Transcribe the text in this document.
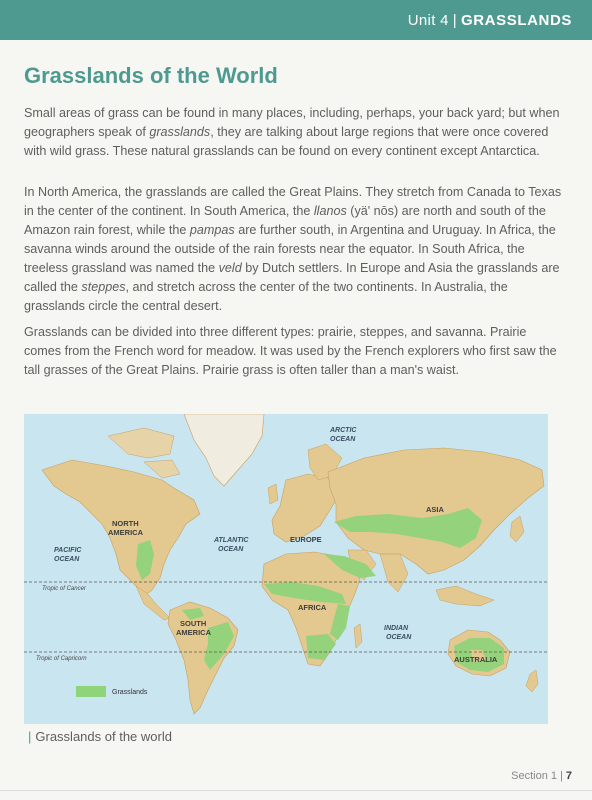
Unit 4 | GRASSLANDS
Grasslands of the World

Small areas of grass can be found in many places, including, perhaps, your back yard; but when geographers speak of grasslands, they are talking about large regions that were once covered with wild grass. These natural grasslands can be found on every continent except Antarctica.

In North America, the grasslands are called the Great Plains. They stretch from Canada to Texas in the center of the continent. In South America, the llanos (yä' nōs) are north and south of the Amazon rain forest, while the pampas are further south, in Argentina and Uruguay. In Africa, the savanna winds around the outside of the rain forests near the equator. In South Africa, the treeless grassland was named the veld by Dutch settlers. In Europe and Asia the grasslands are called the steppes, and stretch across the center of the two continents. In Australia, the grasslands circle the central desert.

Grasslands can be divided into three different types: prairie, steppes, and savanna. Prairie comes from the French word for meadow. It was used by the French explorers who first saw the tall grasses of the Great Plains. Prairie grass is often taller than a man's waist.

Tropic of Cancer
Tropic of Capricorn
NORTH
AMERICA
SOUTH
AMERICA
EUROPE
ASIA
AFRICA
AUSTRALIA
ARCTIC
OCEAN
PACIFIC
OCEAN
ATLANTIC
OCEAN
INDIAN
OCEAN
Grasslands
| Grasslands of the world
Section 1 | 7
